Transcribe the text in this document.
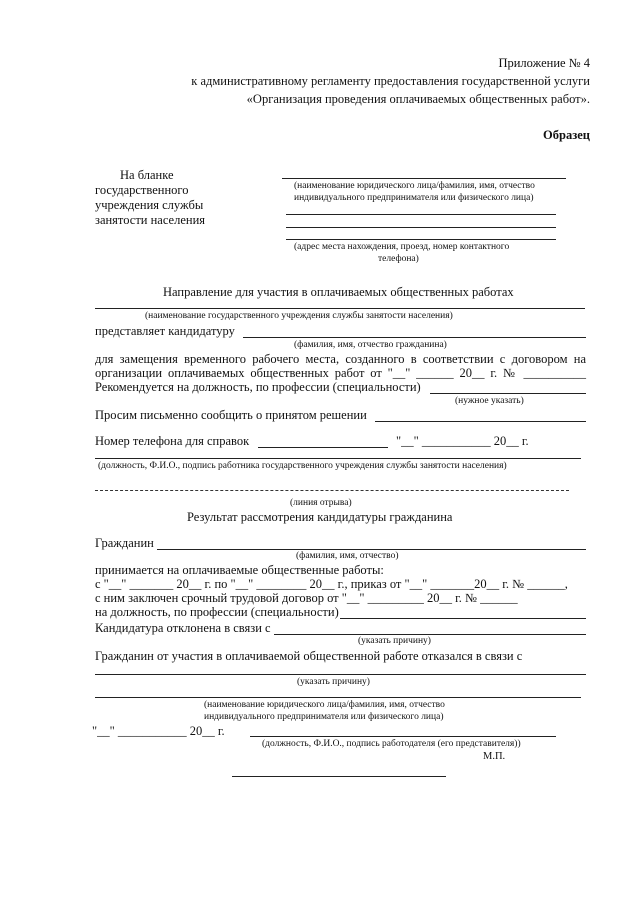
Приложение № 4
к административному регламенту предоставления государственной услуги
«Организация проведения оплачиваемых общественных работ».
Образец
На бланке
государственного
учреждения службы
занятости населения
(наименование юридического лица/фамилия, имя, отчество
индивидуального предпринимателя или физического лица)
(адрес места нахождения, проезд, номер контактного
телефона)
Направление для участия в оплачиваемых общественных работах
(наименование государственного учреждения службы занятости населения)
представляет кандидатуру
(фамилия, имя, отчество гражданина)
для замещения временного рабочего места, созданного в соответствии с договором на
организации оплачиваемых общественных работ от "__" ______ 20__ г. № __________
Рекомендуется на должность, по профессии (специальности)
(нужное указать)
Просим письменно сообщить о принятом решении
Номер телефона для справок	"__" ___________ 20__ г.
(должность, Ф.И.О., подпись работника государственного учреждения службы занятости населения)
(линия отрыва)
Результат рассмотрения кандидатуры гражданина
Гражданин
(фамилия, имя, отчество)
принимается на оплачиваемые общественные работы:
с "__" _______ 20__ г. по "__" ________ 20__ г., приказ от "__" _______20__ г. № ______,
с ним заключен срочный трудовой договор от "__" _________ 20__ г. № ______
на должность, по профессии (специальности)
Кандидатура отклонена в связи с
(указать причину)
Гражданин от участия в оплачиваемой общественной работе отказался в связи с
(указать причину)
(наименование юридического лица/фамилия, имя, отчество
индивидуального предпринимателя или физического лица)
"__" ___________ 20__ г.
(должность, Ф.И.О., подпись работодателя (его представителя))
М.П.
